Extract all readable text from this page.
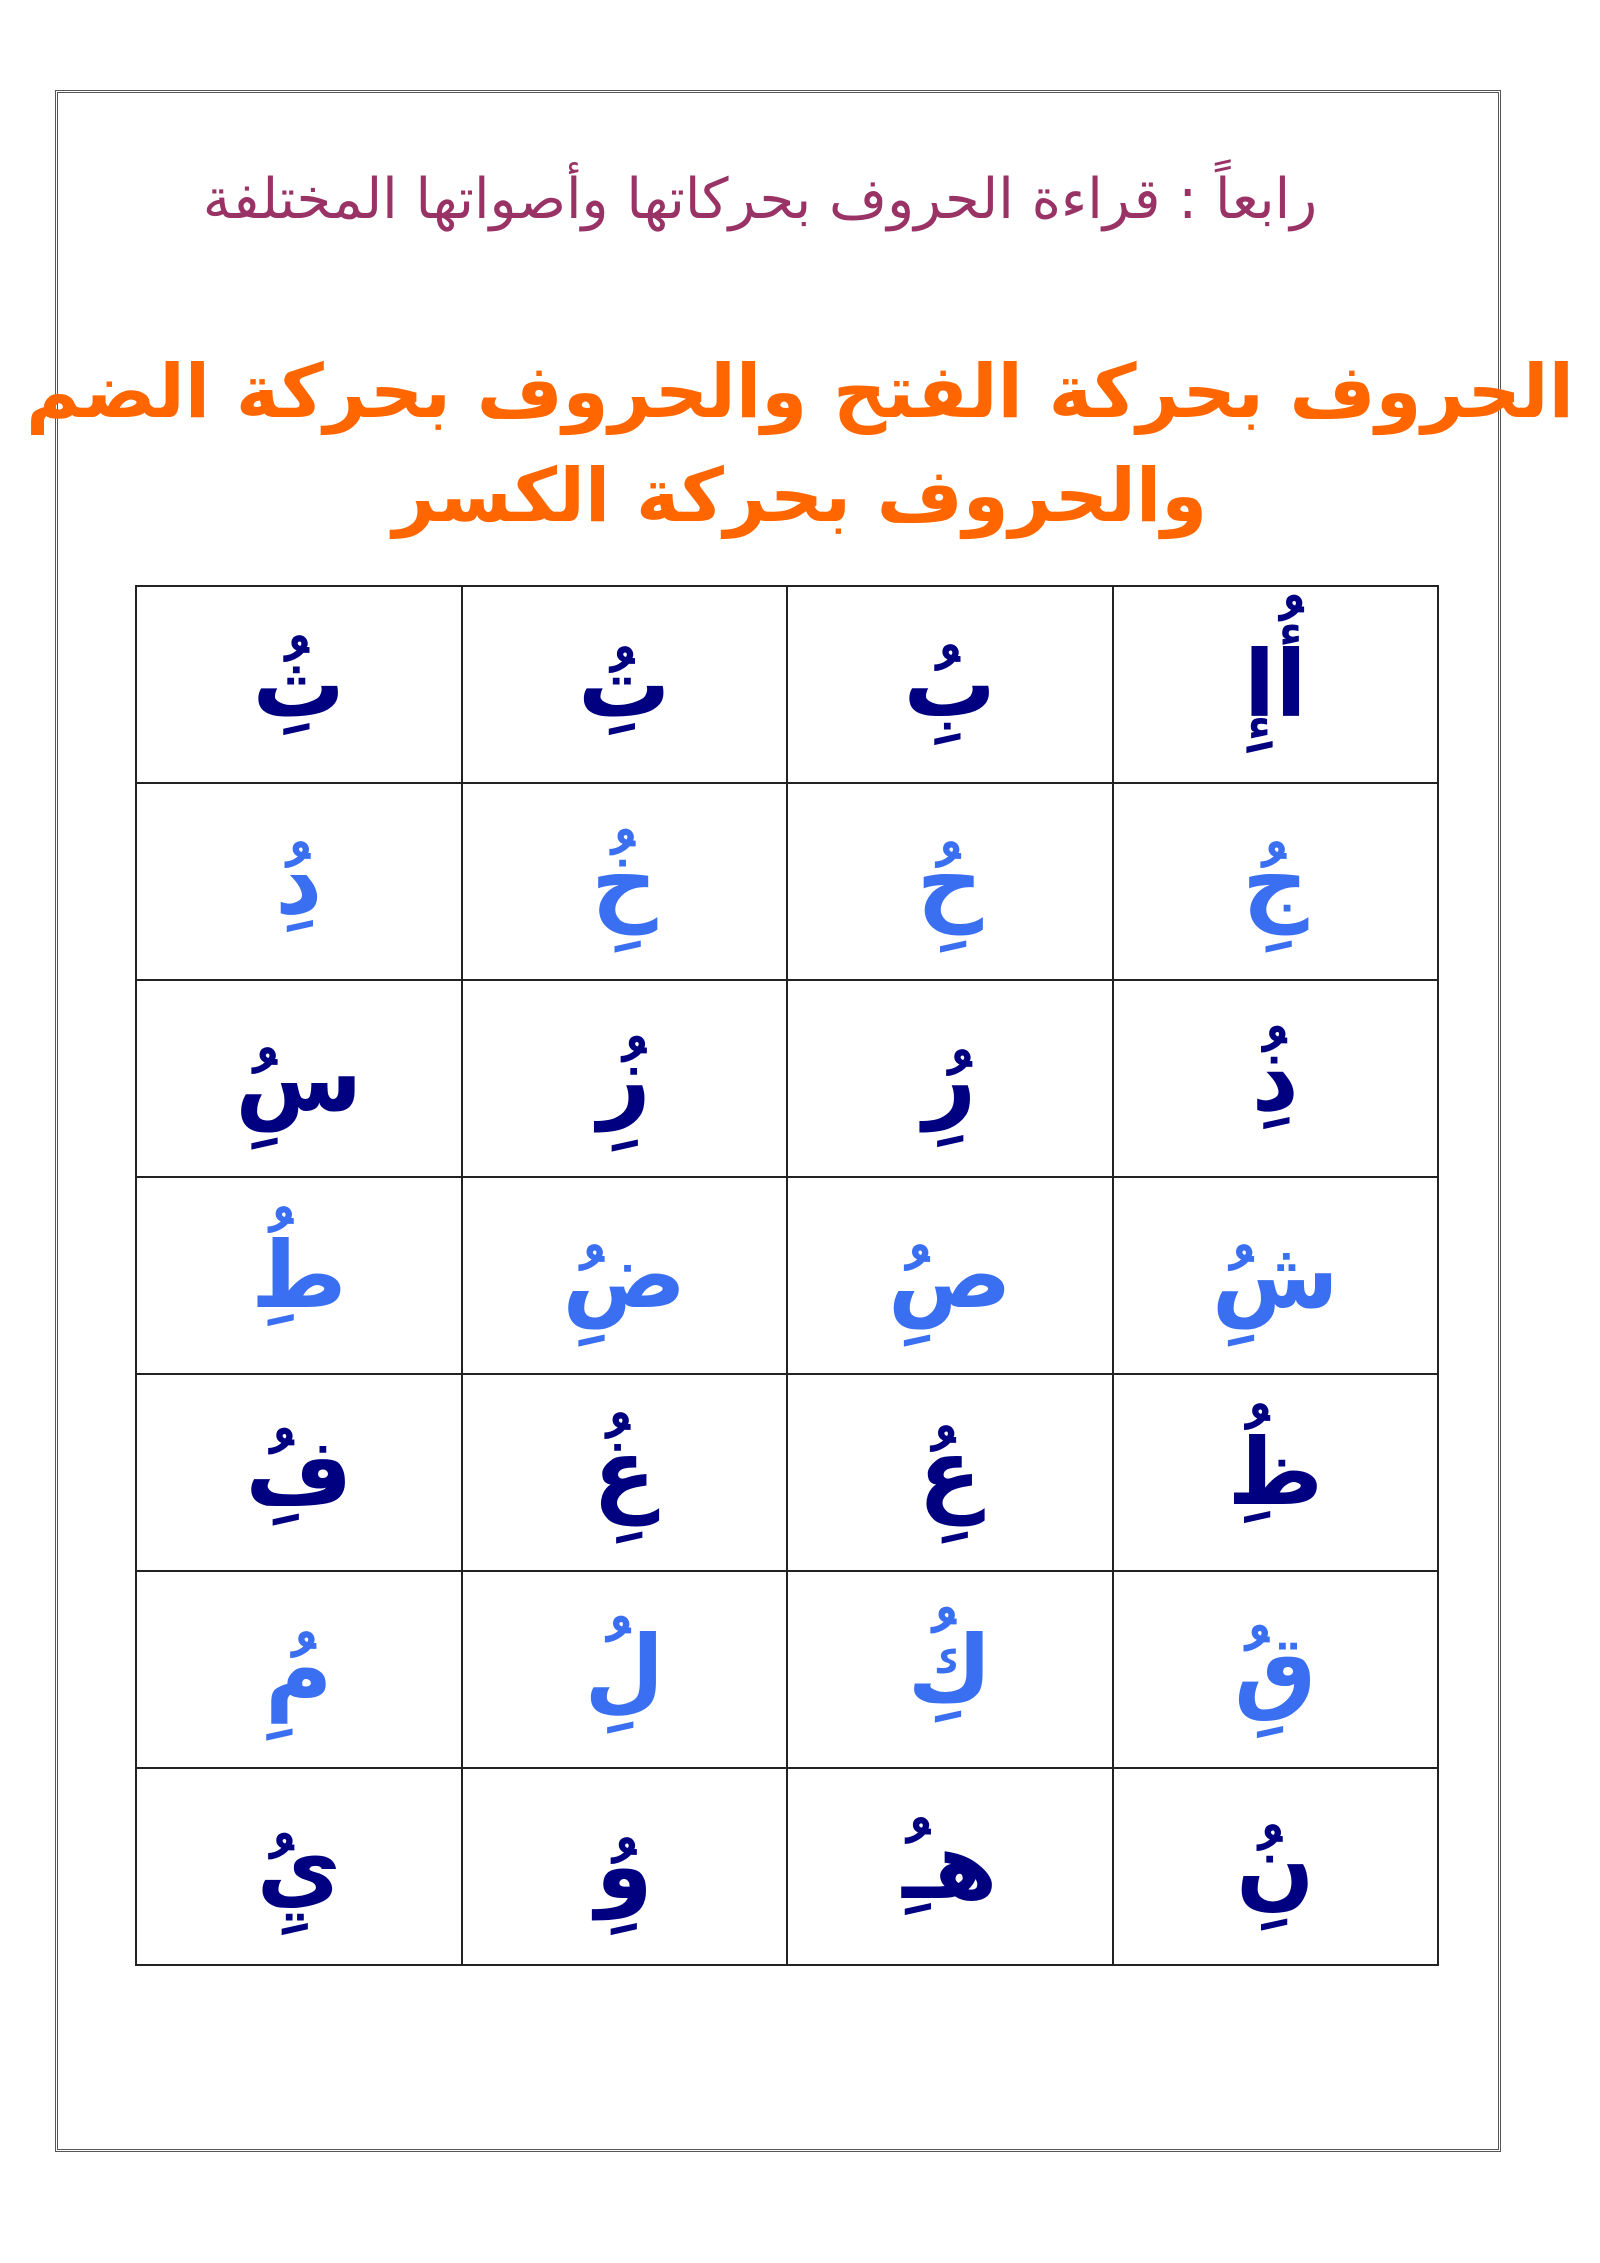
رابعاً : قراءة الحروف بحركاتها وأصواتها المختلفة
الحروف بحركة الفتح والحروف بحركة الضم
والحروف بحركة الكسر
أُإِ	بُِ	تُِ	ثُِ
جُِ	حُِ	خُِ	دُِ
ذُِ	رُِ	زُِ	سُِ
شُِ	صُِ	ضُِ	طُِ
ظُِ	عُِ	غُِ	فُِ
قُِ	كُِ	لُِ	مُِ
نُِ	هـُِ	وُِ	يُِ
